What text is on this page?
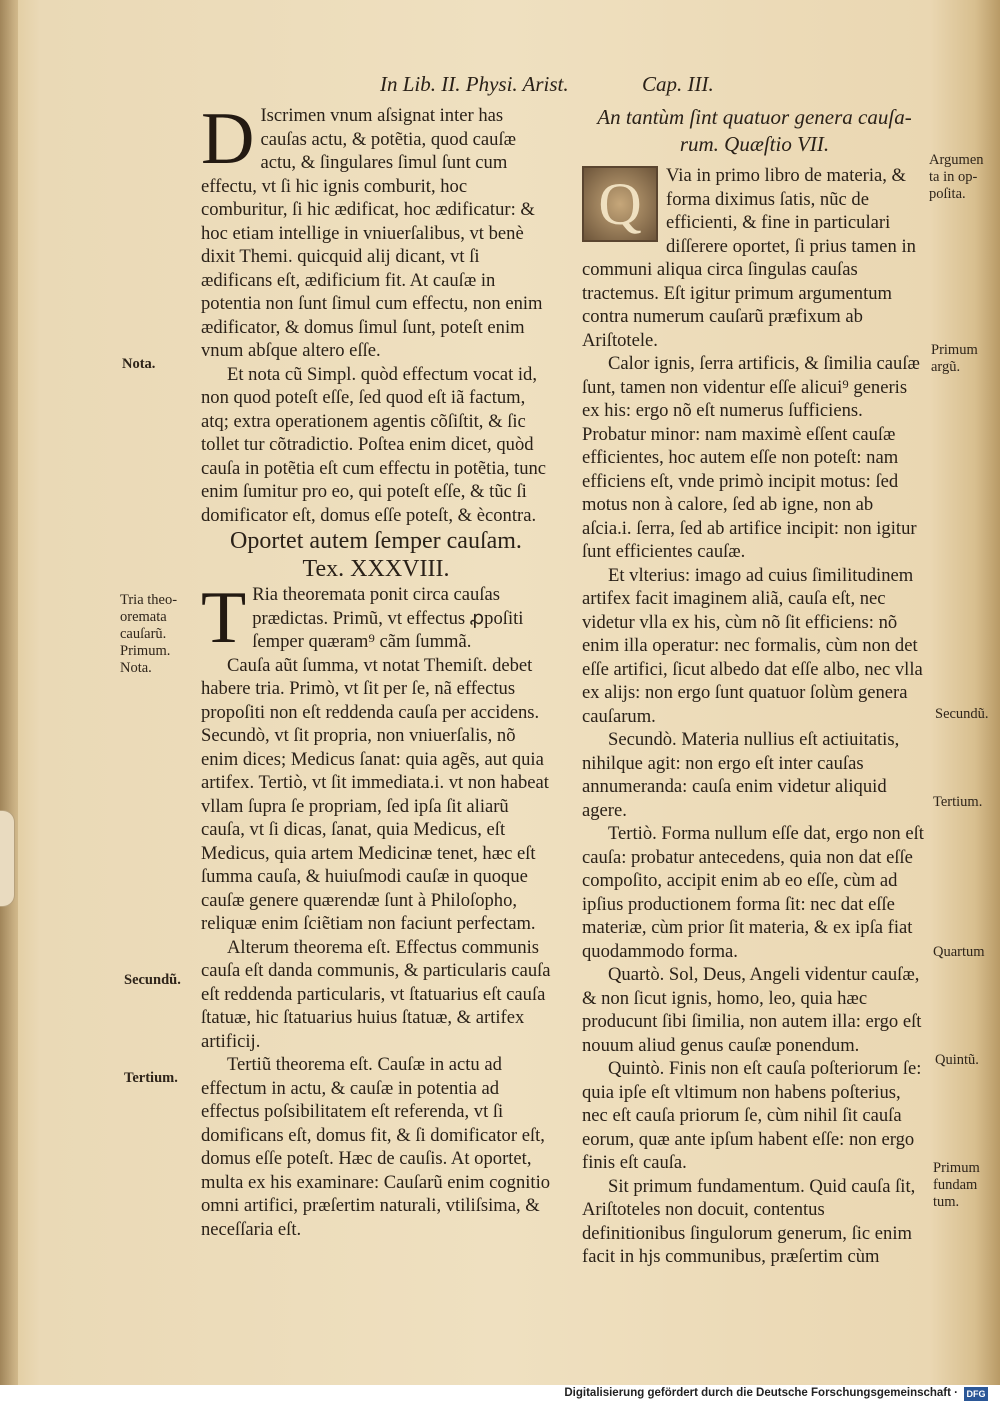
In Lib. II. Physi. Arist.	Cap. III.

D Iscrimen vnum aſsignat inter has cauſas actu, & potẽtia, quod cauſæ actu, & ſingulares ſimul ſunt cum effectu, vt ſi hic ignis comburit, hoc comburitur, ſi hic ædificat, hoc ædificatur: & hoc etiam intellige in vniuerſalibus, vt benè dixit Themi. quicquid alij dicant, vt ſi ædificans eſt, ædificium fit. At cauſæ in potentia non ſunt ſimul cum effectu, non enim ædificator, & domus ſimul ſunt, poteſt enim vnum abſque altero eſſe.

Et nota cũ Simpl. quòd effectum vocat id, non quod poteſt eſſe, ſed quod eſt iã factum, atq; extra operationem agentis cõſiſtit, & ſic tollet tur cõtradictio. Poſtea enim dicet, quòd cauſa in potẽtia eſt cum effectu in potẽtia, tunc enim ſumitur pro eo, qui poteſt eſſe, & tũc ſi domificator eſt, domus eſſe poteſt, & ècontra.

Oportet autem ſemper cauſam.

Tex. XXXVIII.

T Ria theoremata ponit circa cauſas prædictas. Primũ, vt effectus ꝓpoſiti ſemper quæram⁹ cãm ſummã.

Cauſa aũt ſumma, vt notat Themiſt. debet habere tria. Primò, vt ſit per ſe, nã effectus propoſiti non eſt reddenda cauſa per accidens. Secundò, vt ſit propria, non vniuerſalis, nõ enim dices; Medicus ſanat: quia agẽs, aut quia artifex. Tertiò, vt ſit immediata.i. vt non habeat vllam ſupra ſe propriam, ſed ipſa ſit aliarũ cauſa, vt ſi dicas, ſanat, quia Medicus, eſt Medicus, quia artem Medicinæ tenet, hæc eſt ſumma cauſa, & huiuſmodi cauſæ in quoque cauſæ genere quærendæ ſunt à Philoſopho, reliquæ enim ſciẽtiam non faciunt perfectam.

Alterum theorema eſt. Effectus communis cauſa eſt danda communis, & particularis cauſa eſt reddenda particularis, vt ſtatuarius eſt cauſa ſtatuæ, hic ſtatuarius huius ſtatuæ, & artifex artificij.

Tertiũ theorema eſt. Cauſæ in actu ad effectum in actu, & cauſæ in potentia ad effectus poſsibilitatem eſt referenda, vt ſi domificans eſt, domus fit, & ſi domificator eſt, domus eſſe poteſt. Hæc de cauſis. At oportet, multa ex his examinare: Cauſarũ enim cognitio omni artifici, præſertim naturali, vtiliſsima, & neceſſaria eſt.

Nota.
Tria theo-
oremata
cauſarũ.
Primum.
Nota.
Secundũ.
Tertium.
An tantùm ſint quatuor genera cauſa-
rum. Quæſtio VII.

Q	Via in primo libro de materia, & forma diximus ſatis, nũc de efficienti, & fine in particulari diſſerere oportet, ſi prius tamen in communi aliqua circa ſingulas cauſas tractemus. Eſt igitur primum argumentum contra numerum cauſarũ præfixum ab Ariſtotele.

Calor ignis, ſerra artificis, & ſimilia cauſæ ſunt, tamen non videntur eſſe alicui⁹ generis ex his: ergo nõ eſt numerus ſufficiens. Probatur minor: nam maximè eſſent cauſæ efficientes, hoc autem eſſe non poteſt: nam efficiens eſt, vnde primò incipit motus: ſed motus non à calore, ſed ab igne, non ab aſcia.i. ſerra, ſed ab artifice incipit: non igitur ſunt efficientes cauſæ.

Et vlterius: imago ad cuius ſimilitudinem artifex facit imaginem aliã, cauſa eſt, nec videtur vlla ex his, cùm nõ ſit efficiens: nõ enim illa operatur: nec formalis, cùm non det eſſe artifici, ſicut albedo dat eſſe albo, nec vlla ex alijs: non ergo ſunt quatuor ſolùm genera cauſarum.

Secundò. Materia nullius eſt actiuitatis, nihilque agit: non ergo eſt inter cauſas annumeranda: cauſa enim videtur aliquid agere.

Tertiò. Forma nullum eſſe dat, ergo non eſt cauſa: probatur antecedens, quia non dat eſſe compoſito, accipit enim ab eo eſſe, cùm ad ipſius productionem forma ſit: nec dat eſſe materiæ, cùm prior ſit materia, & ex ipſa fiat quodammodo forma.

Quartò. Sol, Deus, Angeli videntur cauſæ, & non ſicut ignis, homo, leo, quia hæc producunt ſibi ſimilia, non autem illa: ergo eſt nouum aliud genus cauſæ ponendum.

Quintò. Finis non eſt cauſa poſteriorum ſe: quia ipſe eſt vltimum non habens poſterius, nec eſt cauſa priorum ſe, cùm nihil ſit cauſa eorum, quæ ante ipſum habent eſſe: non ergo finis eſt cauſa.

Sit primum fundamentum. Quid cauſa ſit, Ariſtoteles non docuit, contentus definitionibus ſingulorum generum, ſic enim facit in hjs communibus, præſertim cùm

Argumen
ta in op-
poſita.
Primum
argũ.
Secundũ.
Tertium.
Quartum
Quintũ.
Primum
fundam
tum.
Digitalisierung gefördert durch die Deutsche Forschungsgemeinschaft · DFG
